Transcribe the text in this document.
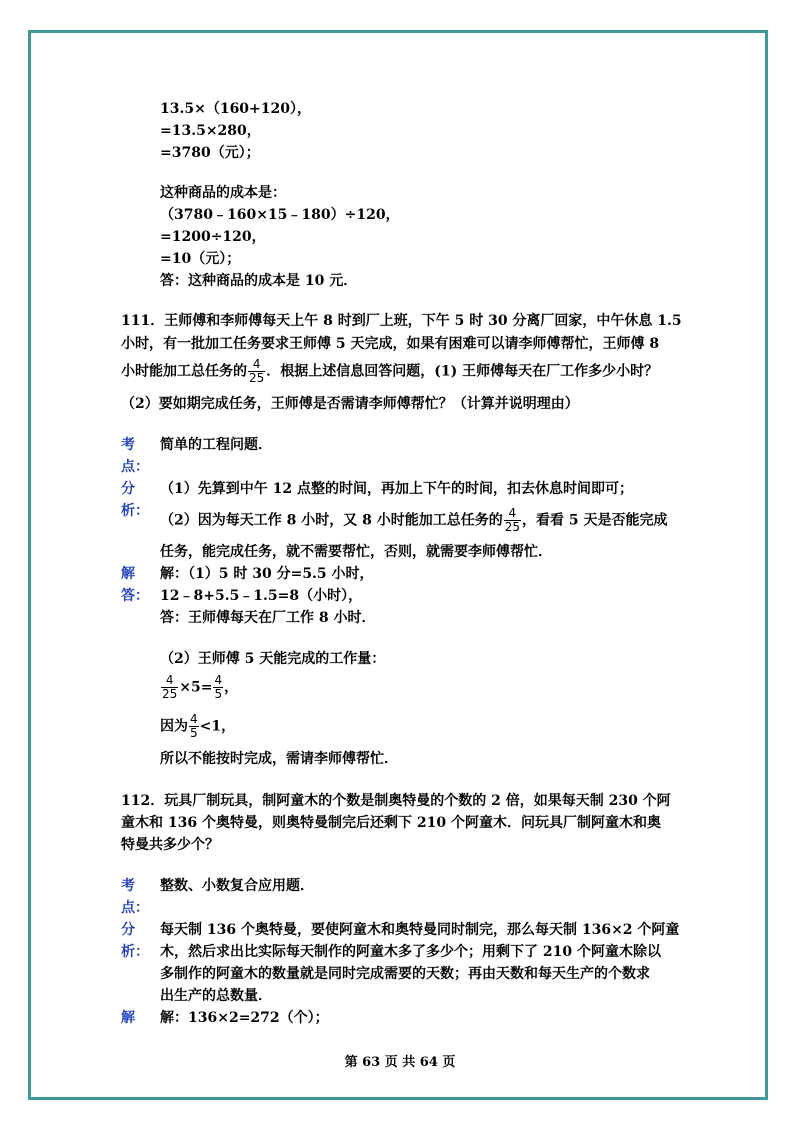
13.5×（160+120），
=13.5×280，
=3780（元）；
这种商品的成本是：
（3780﹣160×15﹣180）÷120，
=1200÷120，
=10（元）；
答：这种商品的成本是 10 元．
111．王师傅和李师傅每天上午 8 时到厂上班，下午 5 时 30 分离厂回家，中午休息 1.5
小时，有一批加工任务要求王师傅 5 天完成，如果有困难可以请李师傅帮忙，王师傅 8
小时能加工总任务的 $\frac{4}{25}$ ．根据上述信息回答问题，(1) 王师傅每天在厂工作多少小时？
（2）要如期完成任务，王师傅是否需请李师傅帮忙？（计算并说明理由）
考
点：
简单的工程问题．
分
析：
（1）先算到中午 12 点整的时间，再加上下午的时间，扣去休息时间即可；
（2）因为每天工作 8 小时，又 8 小时能加工总任务的 $\frac{4}{25}$ ，看看 5 天是否能完成
任务，能完成任务，就不需要帮忙，否则，就需要李师傅帮忙．
解
答：
解：（1）5 时 30 分=5.5 小时，
12﹣8+5.5﹣1.5=8（小时），
答：王师傅每天在厂工作 8 小时．
（2）王师傅 5 天能完成的工作量：
$\frac{4}{25} \times 5= \frac{4}{5}$ ，
因为 $\frac{4}{5} <1$，
所以不能按时完成，需请李师傅帮忙．
112．玩具厂制玩具，制阿童木的个数是制奥特曼的个数的 2 倍，如果每天制 230 个阿
童木和 136 个奥特曼，则奥特曼制完后还剩下 210 个阿童木．问玩具厂制阿童木和奥
特曼共多少个？
考
点：
整数、小数复合应用题．
分
析：
每天制 136 个奥特曼，要使阿童木和奥特曼同时制完，那么每天制 136×2 个阿童
木，然后求出比实际每天制作的阿童木多了多少个；用剩下了 210 个阿童木除以
多制作的阿童木的数量就是同时完成需要的天数；再由天数和每天生产的个数求
出生产的总数量．
解 解：136×2=272（个）；
第 63 页 共 64 页
